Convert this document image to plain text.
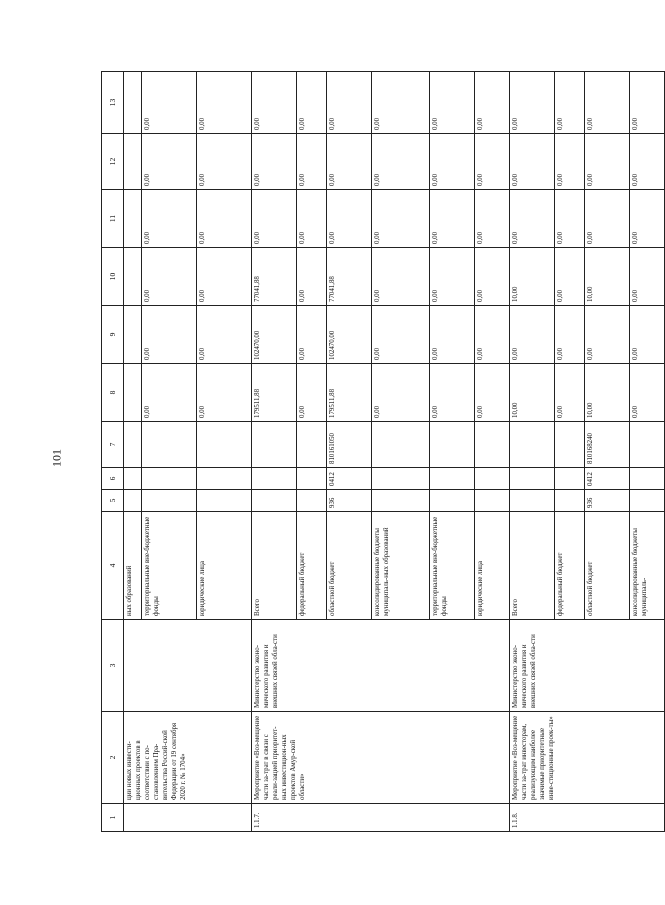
101
1	2	3	4	5	6	7	8	9	10	11	12	13
	ции новых инвести-ционных проектов в соответствии с по-становлением Пра-вительства Россий-ской Федерации от 19 сентября 2020 г. № 1704»		ных образований									
			территориальные вне-бюджетные фонды				0,00	0,00	0,00	0,00	0,00	0,00
			юридические лица				0,00	0,00	0,00	0,00	0,00	0,00
1.1.7.	Мероприятие «Воз-мещение части за-трат в связи с реали-зацией приоритет-ных инвестицион-ных проектов Амур-ской области»	Министерство эконо-мического развития и внешних связей обла-сти	Всего				179511,88	102470,00	77041,88	0,00	0,00	0,00
			федеральный бюджет				0,00	0,00	0,00	0,00	0,00	0,00
			областной бюджет	936	0412	810161050	179511,88	102470,00	77041,88	0,00	0,00	0,00
			консолидированные бюджеты муниципаль-ных образований				0,00	0,00	0,00	0,00	0,00	0,00
			территориальные вне-бюджетные фонды				0,00	0,00	0,00	0,00	0,00	0,00
			юридические лица				0,00	0,00	0,00	0,00	0,00	0,00
1.1.8.	Мероприятие «Воз-мещение части за-трат инвесторам, реализующим наиболее значимые приоритетные инве-стиционные проек-ты»	Министерство эконо-мического развития и внешних связей обла-сти	Всего				10,00	0,00	10,00	0,00	0,00	0,00
			федеральный бюджет				0,00	0,00	0,00	0,00	0,00	0,00
			областной бюджет	936	0412	810168240	10,00	0,00	10,00	0,00	0,00	0,00
			консолидированные бюджеты муниципаль-				0,00	0,00	0,00	0,00	0,00	0,00
